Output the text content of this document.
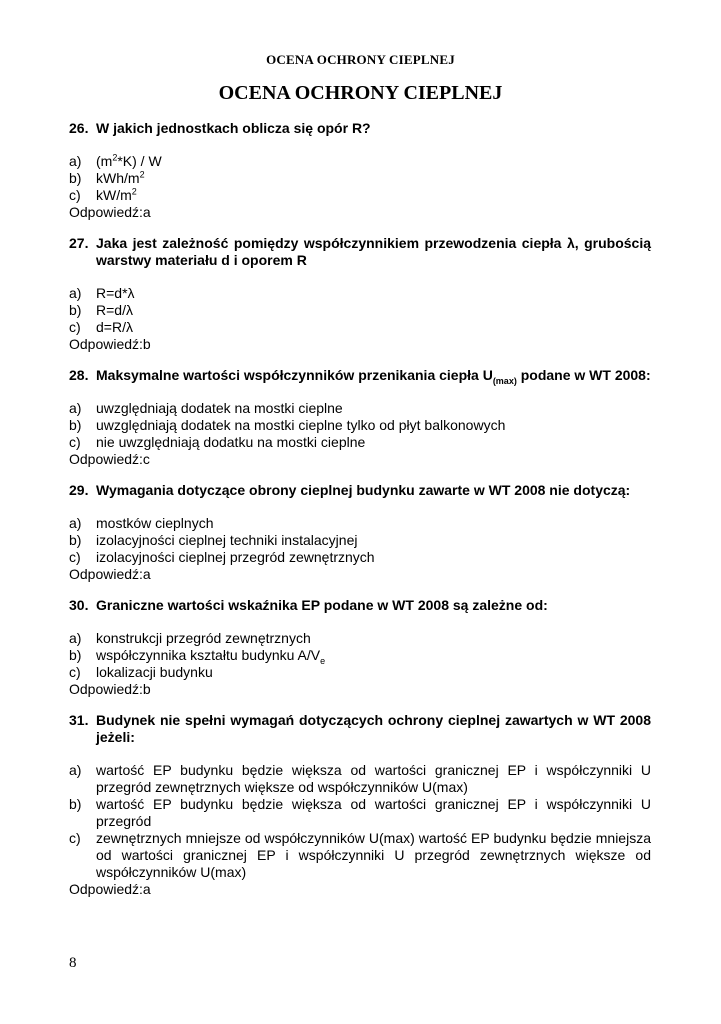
OCENA OCHRONY CIEPLNEJ
OCENA OCHRONY CIEPLNEJ
26. W jakich jednostkach oblicza się opór R?
a)	$(m^2*K)$ / W
b)	kWh/$m^2$
c)	$kW/m^2$
Odpowiedź:a
27. Jaka jest zależność pomiędzy współczynnikiem przewodzenia ciepła λ, grubością warstwy materiału d i oporem R
a)	R=d*λ
b)	R=d/λ
c)	d=R/λ
Odpowiedź:b
28. Maksymalne wartości współczynników przenikania ciepła $U_{(max)}$ podane w WT 2008:
a)	uwzględniają dodatek na mostki cieplne
b)	uwzględniają dodatek na mostki cieplne tylko od płyt balkonowych
c)	nie uwzględniają dodatku na mostki cieplne
Odpowiedź:c
29. Wymagania dotyczące obrony cieplnej budynku zawarte w WT 2008 nie dotyczą:
a)	mostków cieplnych
b)	izolacyjności cieplnej techniki instalacyjnej
c)	izolacyjności cieplnej przegród zewnętrznych
Odpowiedź:a
30. Graniczne wartości wskaźnika EP podane w WT 2008 są zależne od:
a)	konstrukcji przegród zewnętrznych
b)	współczynnika kształtu budynku $A/V_e$
c)	lokalizacji budynku
Odpowiedź:b
31. Budynek nie spełni wymagań dotyczących ochrony cieplnej zawartych w WT 2008 jeżeli:
a)	wartość EP budynku będzie większa od wartości granicznej EP i współczynniki U przegród zewnętrznych większe od współczynników U(max)
b)	wartość EP budynku będzie większa od wartości granicznej EP i współczynniki U przegród
c)	zewnętrznych mniejsze od współczynników U(max) wartość EP budynku będzie mniejsza od wartości granicznej EP i współczynniki U przegród zewnętrznych większe od współczynników U(max)
Odpowiedź:a
8
